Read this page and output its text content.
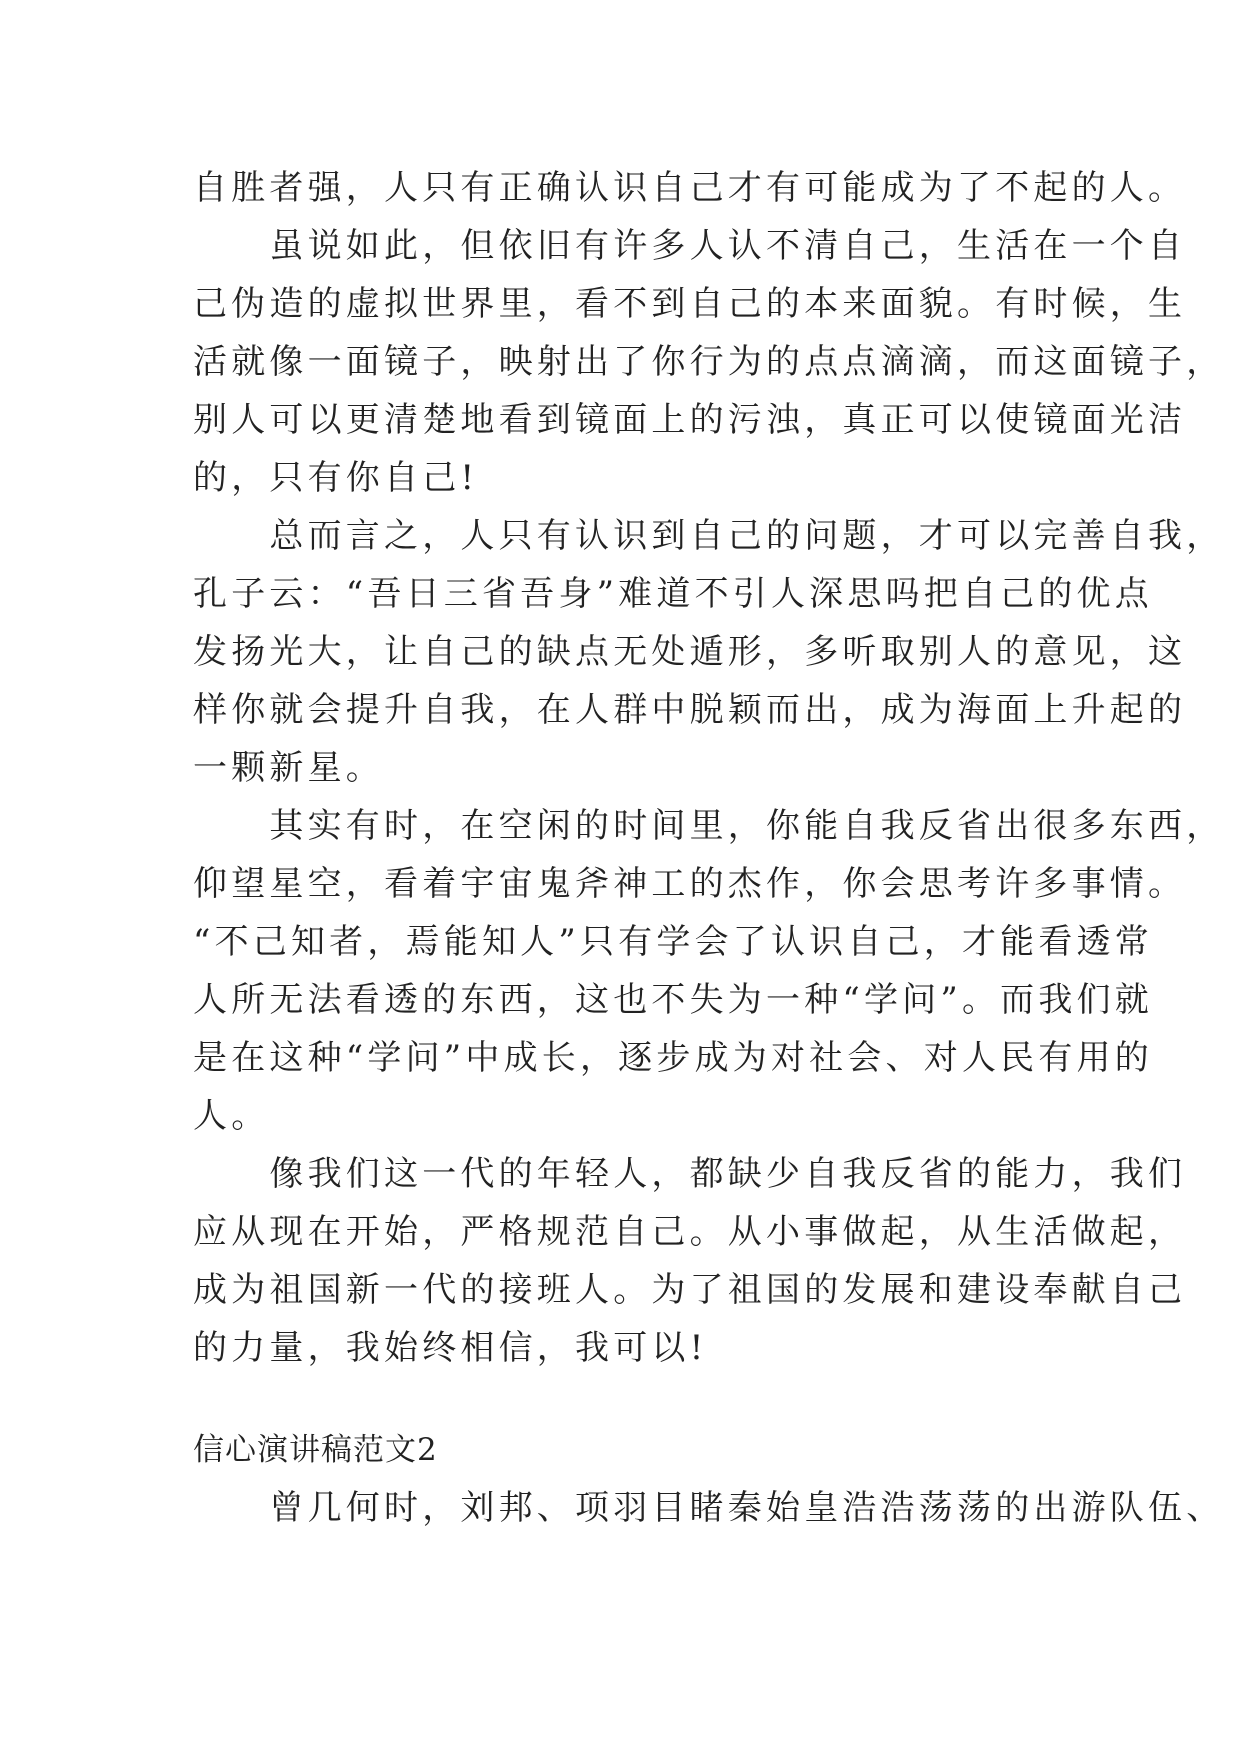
自胜者强，人只有正确认识自己才有可能成为了不起的人。
　　虽说如此，但依旧有许多人认不清自己，生活在一个自
己伪造的虚拟世界里，看不到自己的本来面貌。有时候，生
活就像一面镜子，映射出了你行为的点点滴滴，而这面镜子，
别人可以更清楚地看到镜面上的污浊，真正可以使镜面光洁
的，只有你自己!
　　总而言之，人只有认识到自己的问题，才可以完善自我，
孔子云：“吾日三省吾身”难道不引人深思吗把自己的优点
发扬光大，让自己的缺点无处遁形，多听取别人的意见，这
样你就会提升自我，在人群中脱颖而出，成为海面上升起的
一颗新星。
　　其实有时，在空闲的时间里，你能自我反省出很多东西，
仰望星空，看着宇宙鬼斧神工的杰作，你会思考许多事情。
“不己知者，焉能知人”只有学会了认识自己，才能看透常
人所无法看透的东西，这也不失为一种“学问”。而我们就
是在这种“学问”中成长，逐步成为对社会、对人民有用的
人。
　　像我们这一代的年轻人，都缺少自我反省的能力，我们
应从现在开始，严格规范自己。从小事做起，从生活做起，
成为祖国新一代的接班人。为了祖国的发展和建设奉献自己
的力量，我始终相信，我可以!
信心演讲稿范文2
　　曾几何时，刘邦、项羽目睹秦始皇浩浩荡荡的出游队伍、
